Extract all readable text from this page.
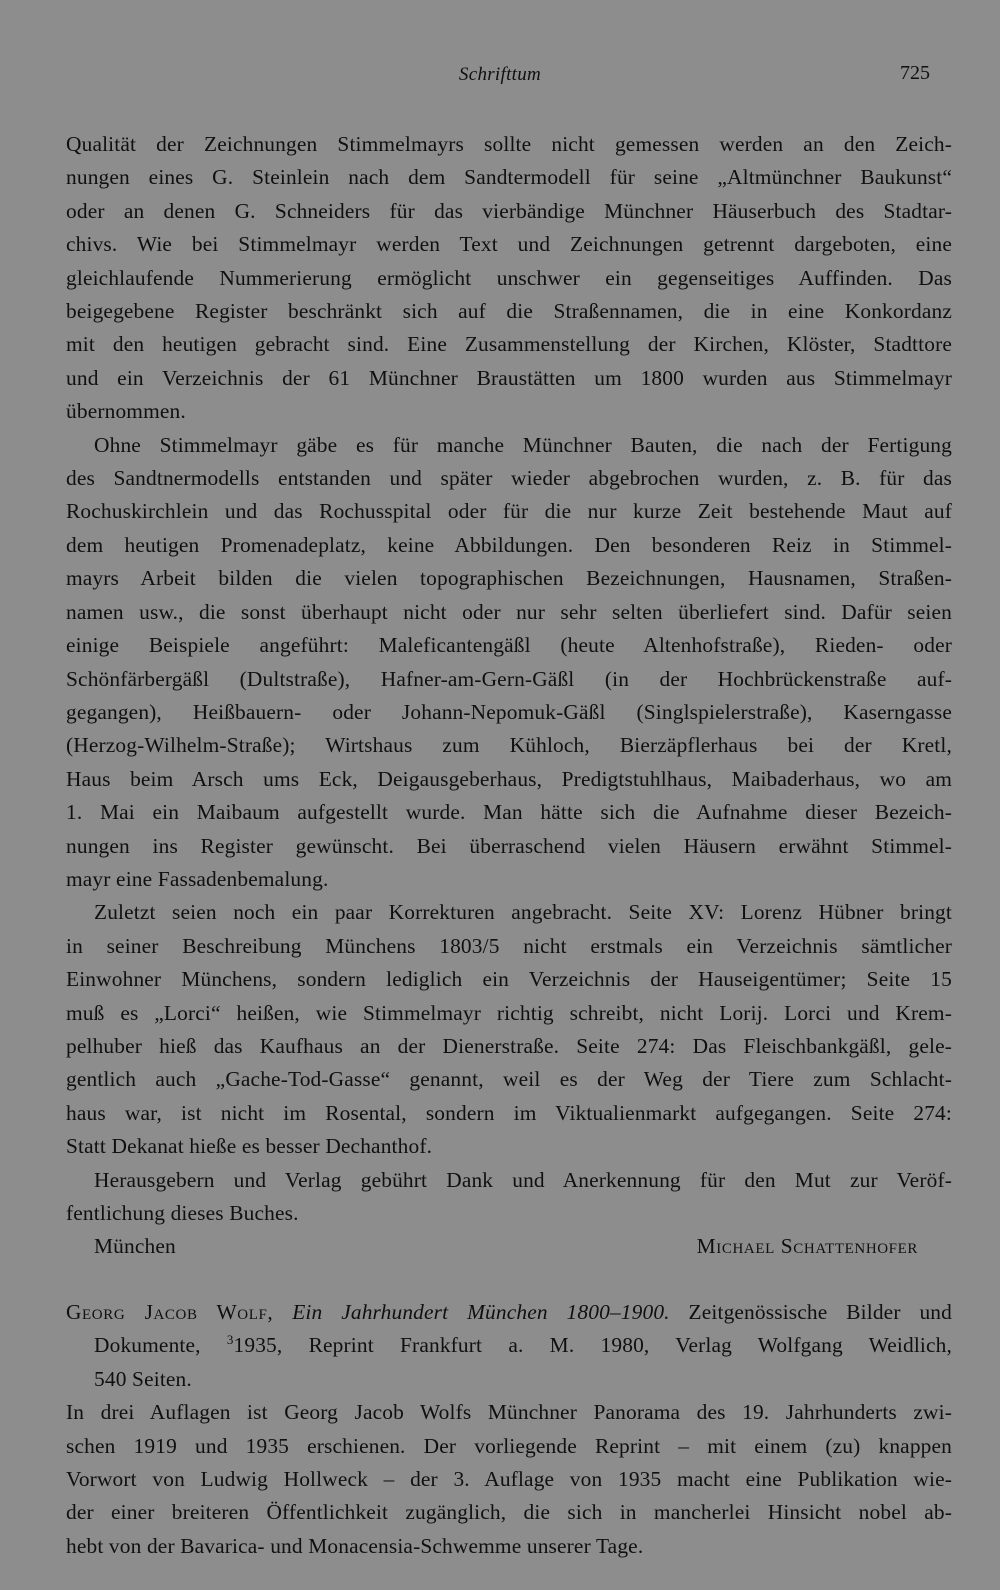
Schrifttum	725
Qualität der Zeichnungen Stimmelmayrs sollte nicht gemessen werden an den Zeich-
nungen eines G. Steinlein nach dem Sandtermodell für seine „Altmünchner Baukunst“
oder an denen G. Schneiders für das vierbändige Münchner Häuserbuch des Stadtar-
chivs. Wie bei Stimmelmayr werden Text und Zeichnungen getrennt dargeboten, eine
gleichlaufende Nummerierung ermöglicht unschwer ein gegenseitiges Auffinden. Das
beigegebene Register beschränkt sich auf die Straßennamen, die in eine Konkordanz
mit den heutigen gebracht sind. Eine Zusammenstellung der Kirchen, Klöster, Stadttore
und ein Verzeichnis der 61 Münchner Braustätten um 1800 wurden aus Stimmelmayr
übernommen.
Ohne Stimmelmayr gäbe es für manche Münchner Bauten, die nach der Fertigung
des Sandtnermodells entstanden und später wieder abgebrochen wurden, z. B. für das
Rochuskirchlein und das Rochusspital oder für die nur kurze Zeit bestehende Maut auf
dem heutigen Promenadeplatz, keine Abbildungen. Den besonderen Reiz in Stimmel-
mayrs Arbeit bilden die vielen topographischen Bezeichnungen, Hausnamen, Straßen-
namen usw., die sonst überhaupt nicht oder nur sehr selten überliefert sind. Dafür seien
einige Beispiele angeführt: Maleficantengäßl (heute Altenhofstraße), Rieden- oder
Schönfärbergäßl (Dultstraße), Hafner-am-Gern-Gäßl (in der Hochbrückenstraße auf-
gegangen), Heißbauern- oder Johann-Nepomuk-Gäßl (Singlspielerstraße), Kaserngasse
(Herzog-Wilhelm-Straße); Wirtshaus zum Kühloch, Bierzäpflerhaus bei der Kretl,
Haus beim Arsch ums Eck, Deigausgeberhaus, Predigtstuhlhaus, Maibaderhaus, wo am
1. Mai ein Maibaum aufgestellt wurde. Man hätte sich die Aufnahme dieser Bezeich-
nungen ins Register gewünscht. Bei überraschend vielen Häusern erwähnt Stimmel-
mayr eine Fassadenbemalung.
Zuletzt seien noch ein paar Korrekturen angebracht. Seite XV: Lorenz Hübner bringt
in seiner Beschreibung Münchens 1803/5 nicht erstmals ein Verzeichnis sämtlicher
Einwohner Münchens, sondern lediglich ein Verzeichnis der Hauseigentümer; Seite 15
muß es „Lorci“ heißen, wie Stimmelmayr richtig schreibt, nicht Lorij. Lorci und Krem-
pelhuber hieß das Kaufhaus an der Dienerstraße. Seite 274: Das Fleischbankgäßl, gele-
gentlich auch „Gache-Tod-Gasse“ genannt, weil es der Weg der Tiere zum Schlacht-
haus war, ist nicht im Rosental, sondern im Viktualienmarkt aufgegangen. Seite 274:
Statt Dekanat hieße es besser Dechanthof.
Herausgebern und Verlag gebührt Dank und Anerkennung für den Mut zur Veröf-
fentlichung dieses Buches.
München	Michael Schattenhofer
Georg Jacob Wolf, Ein Jahrhundert München 1800–1900. Zeitgenössische Bilder und
Dokumente, $^3$1935, Reprint Frankfurt a. M. 1980, Verlag Wolfgang Weidlich,
540 Seiten.
In drei Auflagen ist Georg Jacob Wolfs Münchner Panorama des 19. Jahrhunderts zwi-
schen 1919 und 1935 erschienen. Der vorliegende Reprint – mit einem (zu) knappen
Vorwort von Ludwig Hollweck – der 3. Auflage von 1935 macht eine Publikation wie-
der einer breiteren Öffentlichkeit zugänglich, die sich in mancherlei Hinsicht nobel ab-
hebt von der Bavarica- und Monacensia-Schwemme unserer Tage.
